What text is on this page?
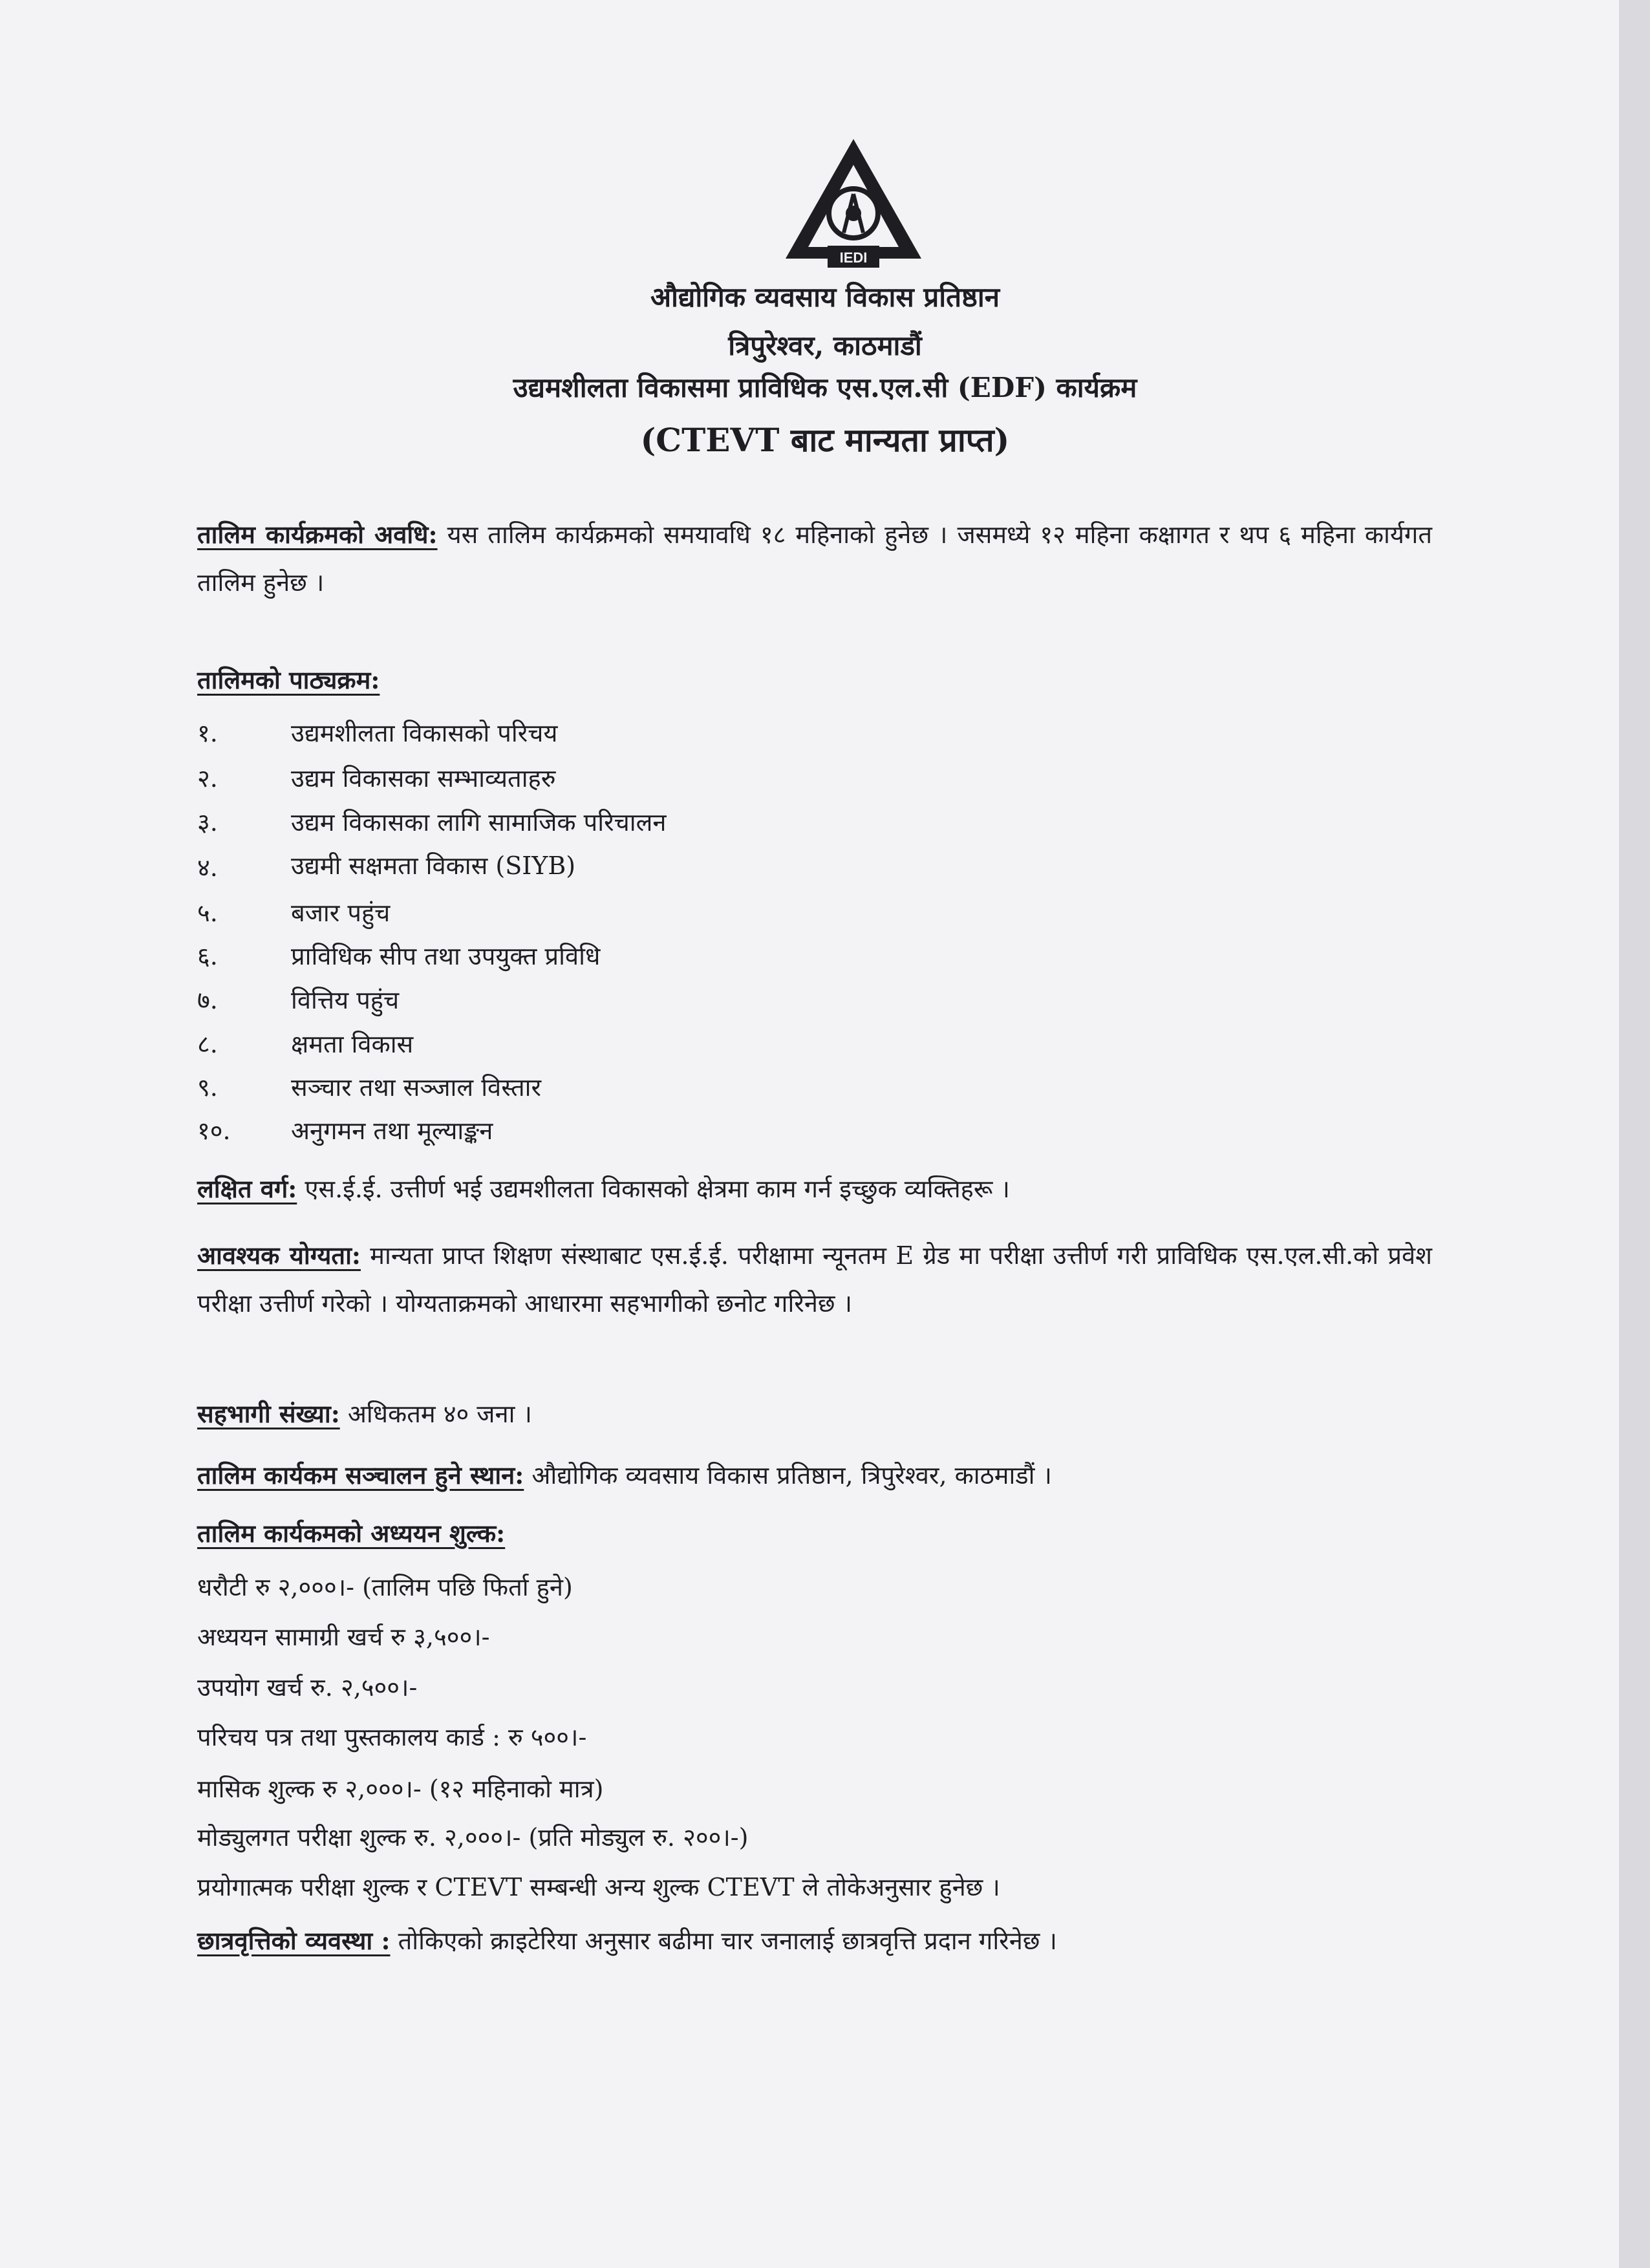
IEDI
औद्योगिक व्यवसाय विकास प्रतिष्ठान
त्रिपुरेश्वर, काठमाडौं
उद्यमशीलता विकासमा प्राविधिक एस.एल.सी (EDF) कार्यक्रम
(CTEVT बाट मान्यता प्राप्त)
तालिम कार्यक्रमको अवधि: यस तालिम कार्यक्रमको समयावधि १८ महिनाको हुनेछ । जसमध्ये १२ महिना कक्षागत र थप ६ महिना कार्यगत तालिम हुनेछ ।
तालिमको पाठ्यक्रम:
१.	उद्यमशीलता विकासको परिचय
२.	उद्यम विकासका सम्भाव्यताहरु
३.	उद्यम विकासका लागि सामाजिक परिचालन
४.	उद्यमी सक्षमता विकास (SIYB)
५.	बजार पहुंच
६.	प्राविधिक सीप तथा उपयुक्त प्रविधि
७.	वित्तिय पहुंच
८.	क्षमता विकास
९.	सञ्चार तथा सञ्जाल विस्तार
१०. अनुगमन तथा मूल्याङ्कन
लक्षित वर्ग: एस.ई.ई. उत्तीर्ण भई उद्यमशीलता विकासको क्षेत्रमा काम गर्न इच्छुक व्यक्तिहरू ।
आवश्यक योग्यता: मान्यता प्राप्त शिक्षण संस्थाबाट एस.ई.ई. परीक्षामा न्यूनतम E ग्रेड मा परीक्षा उत्तीर्ण गरी प्राविधिक एस.एल.सी.को प्रवेश परीक्षा उत्तीर्ण गरेको । योग्यताक्रमको आधारमा सहभागीको छनोट गरिनेछ ।
सहभागी संख्या: अधिकतम ४० जना ।
तालिम कार्यकम सञ्चालन हुने स्थान: औद्योगिक व्यवसाय विकास प्रतिष्ठान, त्रिपुरेश्वर, काठमाडौं ।
तालिम कार्यकमको अध्ययन शुल्क:
धरौटी रु २,०००।- (तालिम पछि फिर्ता हुने)
अध्ययन सामाग्री खर्च रु ३,५००।-
उपयोग खर्च रु. २,५००।-
परिचय पत्र तथा पुस्तकालय कार्ड : रु ५००।-
मासिक शुल्क रु २,०००।- (१२ महिनाको मात्र)
मोड्युलगत परीक्षा शुल्क रु. २,०००।- (प्रति मोड्युल रु. २००।-)
प्रयोगात्मक परीक्षा शुल्क र CTEVT सम्बन्धी अन्य शुल्क CTEVT ले तोकेअनुसार हुनेछ ।
छात्रवृत्तिको व्यवस्था : तोकिएको क्राइटेरिया अनुसार बढीमा चार जनालाई छात्रवृत्ति प्रदान गरिनेछ ।
